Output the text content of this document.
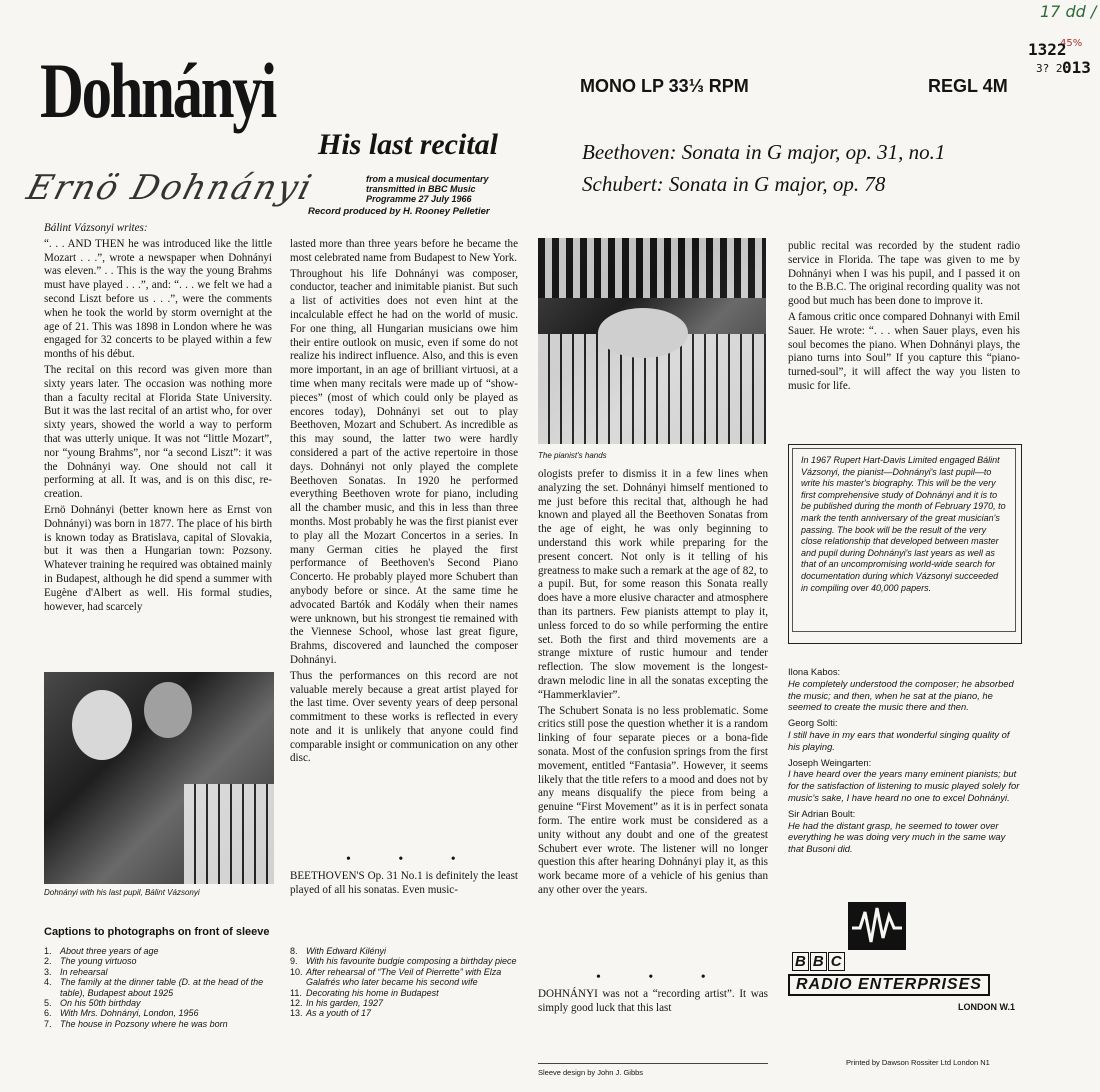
17 dd /
45%
1322
3? 2 013
Dohnányi
His last recital
Ernö Dohnányi	from a musical documentary transmitted in BBC Music Programme 27 July 1966
Record produced by H. Rooney Pelletier
MONO LP 33⅓ RPM	REGL 4M
Beethoven: Sonata in G major, op. 31, no.1
Schubert: Sonata in G major, op. 78
Bálint Vázsonyi writes:

“. . . AND THEN he was introduced like the little Mozart . . .”, wrote a newspaper when Dohnányi was eleven.” . . This is the way the young Brahms must have played . . .”, and: “. . . we felt we had a second Liszt before us . . .”, were the comments when he took the world by storm overnight at the age of 21. This was 1898 in London where he was engaged for 32 concerts to be played within a few months of his début.

The recital on this record was given more than sixty years later. The occasion was nothing more than a faculty recital at Florida State University. But it was the last recital of an artist who, for over sixty years, showed the world a way to perform that was utterly unique. It was not “little Mozart”, nor “young Brahms”, nor “a second Liszt”: it was the Dohnányi way. One should not call it performing at all. It was, and is on this disc, re-creation.

Ernö Dohnányi (better known here as Ernst von Dohnányi) was born in 1877. The place of his birth is known today as Bratislava, capital of Slovakia, but it was then a Hungarian town: Pozsony. Whatever training he required was obtained mainly in Budapest, although he did spend a summer with Eugène d'Albert as well. His formal studies, however, had scarcely

Dohnányi with his last pupil, Bálint Vázsonyi

lasted more than three years before he became the most celebrated name from Budapest to New York.

Throughout his life Dohnányi was composer, conductor, teacher and inimitable pianist. But such a list of activities does not even hint at the incalculable effect he had on the world of music. For one thing, all Hungarian musicians owe him their entire outlook on music, even if some do not realize his indirect influence. Also, and this is even more important, in an age of brilliant virtuosi, at a time when many recitals were made up of “show-pieces” (most of which could only be played as encores today), Dohnányi set out to play Beethoven, Mozart and Schubert. As incredible as this may sound, the latter two were hardly considered a part of the active repertoire in those days. Dohnányi not only played the complete Beethoven Sonatas. In 1920 he performed everything Beethoven wrote for piano, including all the chamber music, and this in less than three months. Most probably he was the first pianist ever to play all the Mozart Concertos in a series. In many German cities he played the first performance of Beethoven's Second Piano Concerto. He probably played more Schubert than anybody before or since. At the same time he advocated Bartók and Kodály when their names were unknown, but his strongest tie remained with the Viennese School, whose last great figure, Brahms, discovered and launched the composer Dohnányi.

Thus the performances on this record are not valuable merely because a great artist played for the last time. Over seventy years of deep personal commitment to these works is reflected in every note and it is unlikely that anyone could find comparable insight or communication on any other disc.

• • •

BEETHOVEN'S Op. 31 No.1 is definitely the least played of all his sonatas. Even music-

The pianist's hands

ologists prefer to dismiss it in a few lines when analyzing the set. Dohnányi himself mentioned to me just before this recital that, although he had known and played all the Beethoven Sonatas from the age of eight, he was only beginning to understand this work while preparing for the present concert. Not only is it telling of his greatness to make such a remark at the age of 82, to a pupil. But, for some reason this Sonata really does have a more elusive character and atmosphere than its partners. Few pianists attempt to play it, unless forced to do so while performing the entire set. Both the first and third movements are a strange mixture of rustic humour and tender reflection. The slow movement is the longest-drawn melodic line in all the sonatas excepting the “Hammerklavier”.

The Schubert Sonata is no less problematic. Some critics still pose the question whether it is a random linking of four separate pieces or a bona-fide sonata. Most of the confusion springs from the first movement, entitled “Fantasia”. However, it seems likely that the title refers to a mood and does not by any means disqualify the piece from being a genuine “First Movement” as it is in perfect sonata form. The entire work must be considered as a unity without any doubt and one of the greatest Schubert ever wrote. The listener will no longer question this after hearing Dohnányi play it, as this work became more of a vehicle of his genius than any other over the years.

• • •

DOHNÁNYI was not a “recording artist”. It was simply good luck that this last

Sleeve design by John J. Gibbs

public recital was recorded by the student radio service in Florida. The tape was given to me by Dohnányi when I was his pupil, and I passed it on to the B.B.C. The original recording quality was not good but much has been done to improve it.

A famous critic once compared Dohnanyi with Emil Sauer. He wrote: “. . . when Sauer plays, even his soul becomes the piano. When Dohnányi plays, the piano turns into Soul” If you capture this “piano-turned-soul”, it will affect the way you listen to music for life.

In 1967 Rupert Hart-Davis Limited engaged Bálint Vázsonyi, the pianist—Dohnányi's last pupil—to write his master's biography. This will be the very first comprehensive study of Dohnányi and it is to be published during the month of February 1970, to mark the tenth anniversary of the great musician's passing. The book will be the result of the very close relationship that developed between master and pupil during Dohnányi's last years as well as that of an uncompromising world-wide search for documentation during which Vázsonyi succeeded in compiling over 40,000 papers.
Ilona Kabos:
He completely understood the composer; he absorbed the music; and then, when he sat at the piano, he seemed to create the music there and then.
Georg Solti:
I still have in my ears that wonderful singing quality of his playing.
Joseph Weingarten:
I have heard over the years many eminent pianists; but for the satisfaction of listening to music played solely for music's sake, I have heard no one to excel Dohnányi.
Sir Adrian Boult:
He had the distant grasp, he seemed to tower over everything he was doing very much in the same way that Busoni did.
Captions to photographs on front of sleeve
1. About three years of age
2. The young virtuoso
3. In rehearsal
4. The family at the dinner table (D. at the head of the table), Budapest about 1925
5. On his 50th birthday
6. With Mrs. Dohnányi, London, 1956
7. The house in Pozsony where he was born
8. With Edward Kilényi
9. With his favourite budgie composing a birthday piece
10. After rehearsal of “The Veil of Pierrette” with Elza Galafrés who later became his second wife
11. Decorating his home in Budapest
12. In his garden, 1927
13. As a youth of 17
B B C
RADIO ENTERPRISES
LONDON W.1
Printed by Dawson Rossiter Ltd London N1
